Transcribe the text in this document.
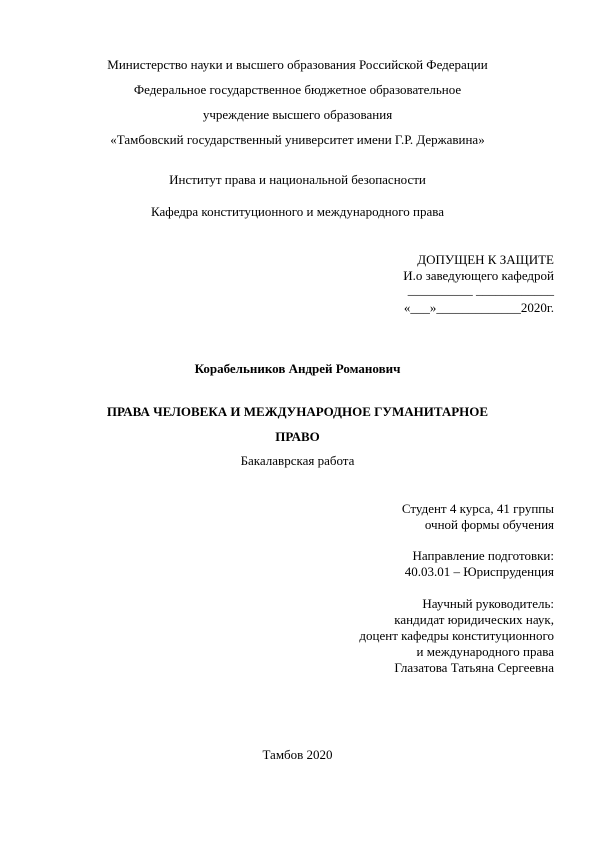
Министерство науки и высшего образования Российской Федерации
Федеральное государственное бюджетное образовательное
учреждение высшего образования
«Тамбовский государственный университет имени Г.Р. Державина»
Институт права и национальной безопасности
Кафедра конституционного и международного права
ДОПУЩЕН К ЗАЩИТЕ
И.о заведующего кафедрой
__________ ____________
«___»_____________2020г.
Корабельников Андрей Романович
ПРАВА ЧЕЛОВЕКА И МЕЖДУНАРОДНОЕ ГУМАНИТАРНОЕ
ПРАВО
Бакалаврская работа
Студент 4 курса, 41 группы
очной формы обучения
Направление подготовки:
40.03.01 – Юриспруденция
Научный руководитель:
кандидат юридических наук,
доцент кафедры конституционного
и международного права
Глазатова Татьяна Сергеевна
Тамбов 2020
